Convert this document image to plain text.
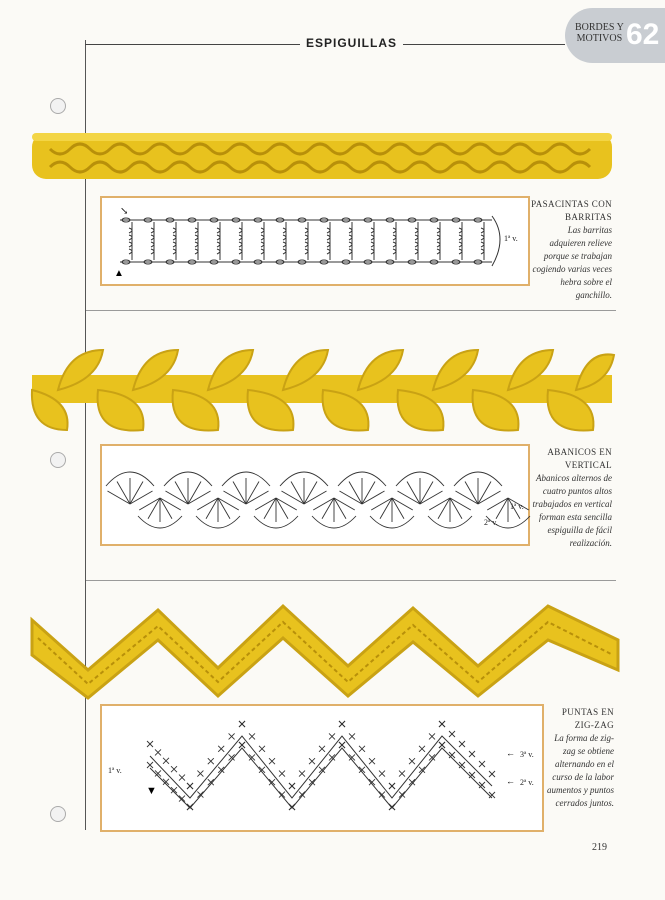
ESPIGUILLAS
BORDES Y
MOTIVOS 62
↘
▲
1ª v.
PASACINTAS CON
BARRITAS
Las barritas adquieren relieve porque se trabajan cogiendo varias veces hebra sobre el ganchillo.
1ª v.
2ª v.
ABANICOS EN
VERTICAL
Abanicos alternos de cuatro puntos altos trabajados en vertical forman esta sencilla espiguilla de fácil realización.
▼
←
←
1ª v.
3ª v.
2ª v.
PUNTAS EN
ZIG-ZAG
La forma de zig-zag se obtiene alternando en el curso de la labor aumentos y puntos cerrados juntos.
219
